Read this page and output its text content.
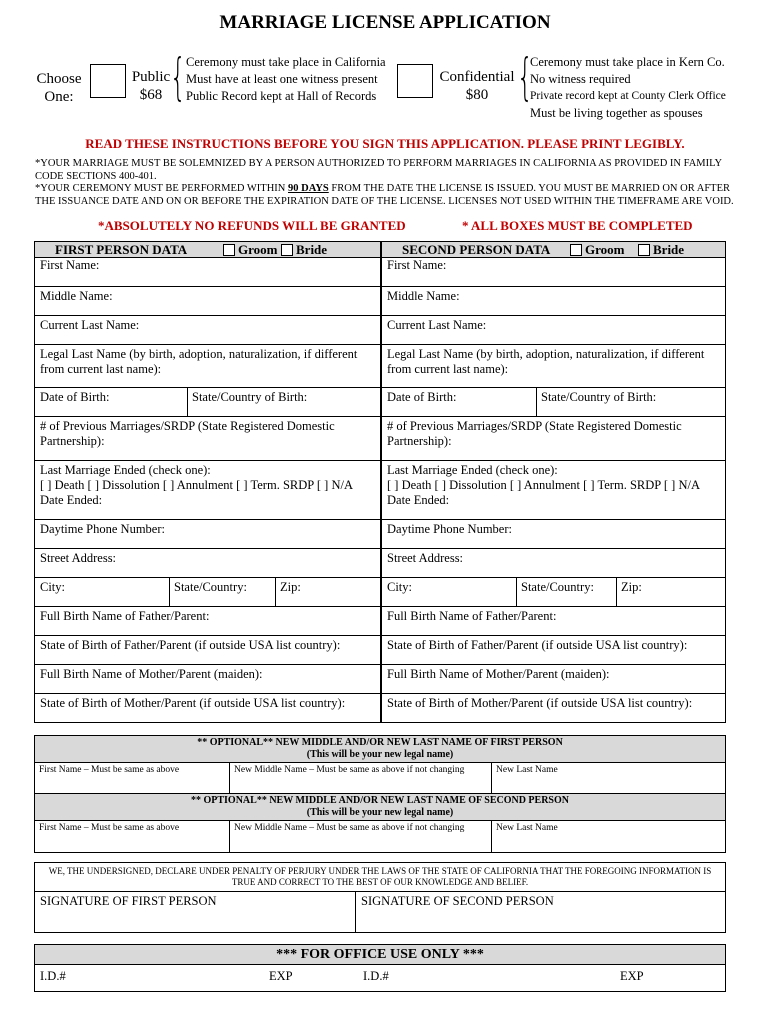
MARRIAGE LICENSE APPLICATION
Choose
One:
Public
$68 { Ceremony must take place in California
Must have at least one witness present
Public Record kept at Hall of Records
Confidential
$80 {
Ceremony must take place in Kern Co.
No witness required
Private record kept at County Clerk Office
Must be living together as spouses
READ THESE INSTRUCTIONS BEFORE YOU SIGN THIS APPLICATION. PLEASE PRINT LEGIBLY.
*YOUR MARRIAGE MUST BE SOLEMNIZED BY A PERSON AUTHORIZED TO PERFORM MARRIAGES IN CALIFORNIA AS PROVIDED IN FAMILY CODE SECTIONS 400-401.
*YOUR CEREMONY MUST BE PERFORMED WITHIN 90 DAYS FROM THE DATE THE LICENSE IS ISSUED. YOU MUST BE MARRIED ON OR AFTER THE ISSUANCE DATE AND ON OR BEFORE THE EXPIRATION DATE OF THE LICENSE. LICENSES NOT USED WITHIN THE TIMEFRAME ARE VOID.
*ABSOLUTELY NO REFUNDS WILL BE GRANTED	* ALL BOXES MUST BE COMPLETED
FIRST PERSON DATA	Groom Bride	SECOND PERSON DATA	Groom Bride
First Name:	First Name:
Middle Name:	Middle Name:
Current Last Name:	Current Last Name:
Legal Last Name (by birth, adoption, naturalization, if different from current last name):
Legal Last Name (by birth, adoption, naturalization, if different from current last name):
Date of Birth:	State/Country of Birth:	Date of Birth:	State/Country of Birth:
# of Previous Marriages/SRDP (State Registered Domestic Partnership):
# of Previous Marriages/SRDP (State Registered Domestic Partnership):
Last Marriage Ended (check one):
[ ] Death [ ] Dissolution [ ] Annulment [ ] Term. SRDP [ ] N/A
Date Ended:
Last Marriage Ended (check one):
[ ] Death [ ] Dissolution [ ] Annulment [ ] Term. SRDP [ ] N/A
Date Ended:
Daytime Phone Number:	Daytime Phone Number:
Street Address:	Street Address:
City:	State/Country:	Zip:	City:	State/Country:	Zip:
Full Birth Name of Father/Parent:	Full Birth Name of Father/Parent:
State of Birth of Father/Parent (if outside USA list country):	State of Birth of Father/Parent (if outside USA list country):
Full Birth Name of Mother/Parent (maiden):	Full Birth Name of Mother/Parent (maiden):
State of Birth of Mother/Parent (if outside USA list country):	State of Birth of Mother/Parent (if outside USA list country):
** OPTIONAL** NEW MIDDLE AND/OR NEW LAST NAME OF FIRST PERSON
(This will be your new legal name)
First Name – Must be same as above	New Middle Name – Must be same as above if not changing	New Last Name
** OPTIONAL** NEW MIDDLE AND/OR NEW LAST NAME OF SECOND PERSON
(This will be your new legal name)
First Name – Must be same as above	New Middle Name – Must be same as above if not changing	New Last Name
WE, THE UNDERSIGNED, DECLARE UNDER PENALTY OF PERJURY UNDER THE LAWS OF THE STATE OF CALIFORNIA THAT THE FOREGOING INFORMATION IS TRUE AND CORRECT TO THE BEST OF OUR KNOWLEDGE AND BELIEF.
SIGNATURE OF FIRST PERSON	SIGNATURE OF SECOND PERSON
*** FOR OFFICE USE ONLY ***
I.D.#	EXP	I.D.#	EXP
